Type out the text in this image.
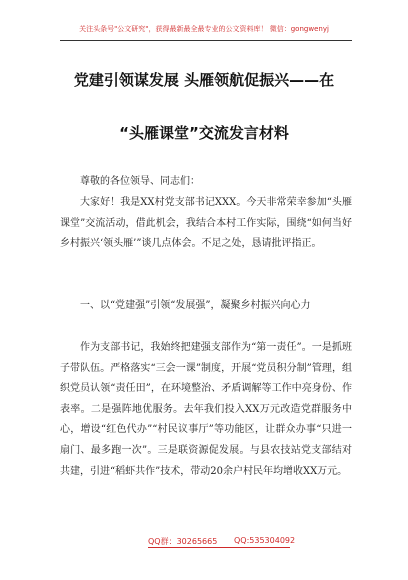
关注头条号"公文研究"，获得最新最全最专业的公文资料库！ 微信：gongwenyj
党建引领谋发展 头雁领航促振兴——在
“头雁课堂”交流发言材料
尊敬的各位领导、同志们：
大家好！我是XX村党支部书记XXX。今天非常荣幸参加“头雁课堂”交流活动，借此机会，我结合本村工作实际，围绕“如何当好乡村振兴‘领头雁’”谈几点体会。不足之处，恳请批评指正。
一、以“党建强”引领“发展强”，凝聚乡村振兴向心力
作为支部书记，我始终把建强支部作为“第一责任”。一是抓班子带队伍。严格落实“三会一课”制度，开展“党员积分制”管理，组织党员认领“责任田”，在环境整治、矛盾调解等工作中亮身份、作表率。二是强阵地优服务。去年我们投入XX万元改造党群服务中心，增设“红色代办”“村民议事厅”等功能区，让群众办事“只进一扇门、最多跑一次”。三是联资源促发展。与县农技站党支部结对共建，引进“稻虾共作”技术，带动20余户村民年均增收XX万元。
QQ群：30265665 QQ:535304092
